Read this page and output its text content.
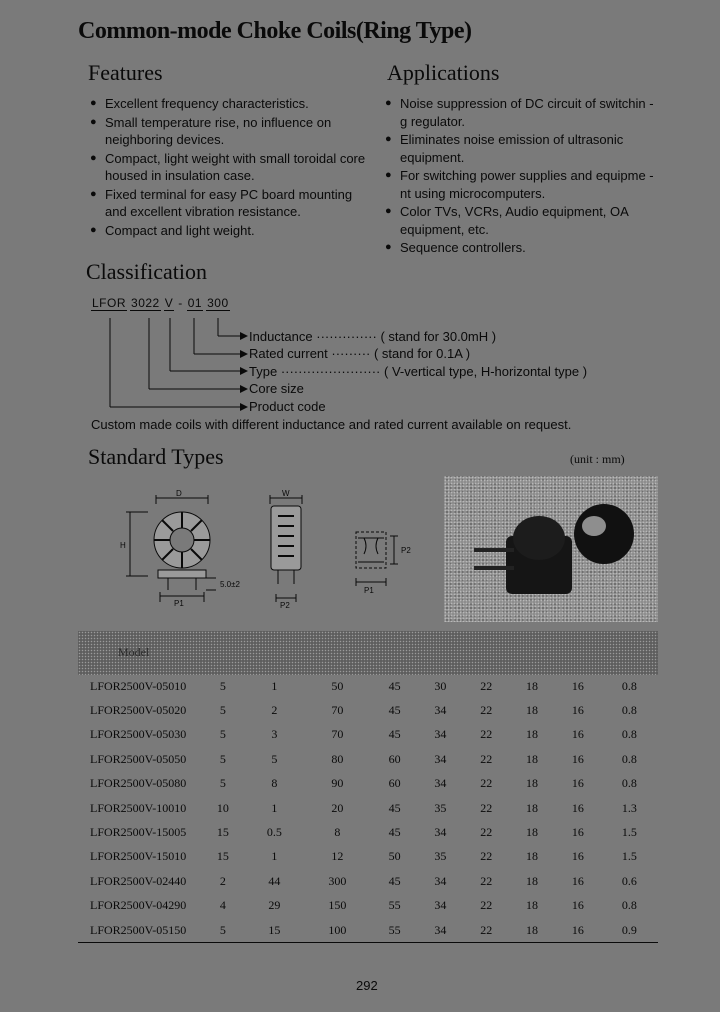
Common-mode Choke Coils(Ring Type)
Features
● Excellent frequency characteristics.
● Small temperature rise, no influence on neighboring devices.
● Compact, light weight with small toroidal core housed in insulation case.
● Fixed terminal for easy PC board mounting and excellent vibration resistance.
● Compact and light weight.
Applications
● Noise suppression of DC circuit of switchin -g regulator.
● Eliminates noise emission of ultrasonic equipment.
● For switching power supplies and equipme -nt using microcomputers.
● Color TVs, VCRs, Audio equipment, OA equipment, etc.
● Sequence controllers.
Classification
LFOR 3022 V - 01 300
Inductance ·············· ( stand for 30.0mH )
Rated current ········· ( stand for 0.1A )
Type ······················· ( V-vertical type, H-horizontal type )
Core size
Product code
Custom made coils with different inductance and rated current available on request.
Standard Types	(unit : mm)
D
H
P1
5.0±2
W
P2
P2
P1
Model
LFOR2500V-05010	5	1	50	45	30	22	18	16	0.8
LFOR2500V-05020	5	2	70	45	34	22	18	16	0.8
LFOR2500V-05030	5	3	70	45	34	22	18	16	0.8
LFOR2500V-05050	5	5	80	60	34	22	18	16	0.8
LFOR2500V-05080	5	8	90	60	34	22	18	16	0.8
LFOR2500V-10010	10	1	20	45	35	22	18	16	1.3
LFOR2500V-15005	15	0.5	8	45	34	22	18	16	1.5
LFOR2500V-15010	15	1	12	50	35	22	18	16	1.5
LFOR2500V-02440	2	44	300	45	34	22	18	16	0.6
LFOR2500V-04290	4	29	150	55	34	22	18	16	0.8
LFOR2500V-05150	5	15	100	55	34	22	18	16	0.9
292
